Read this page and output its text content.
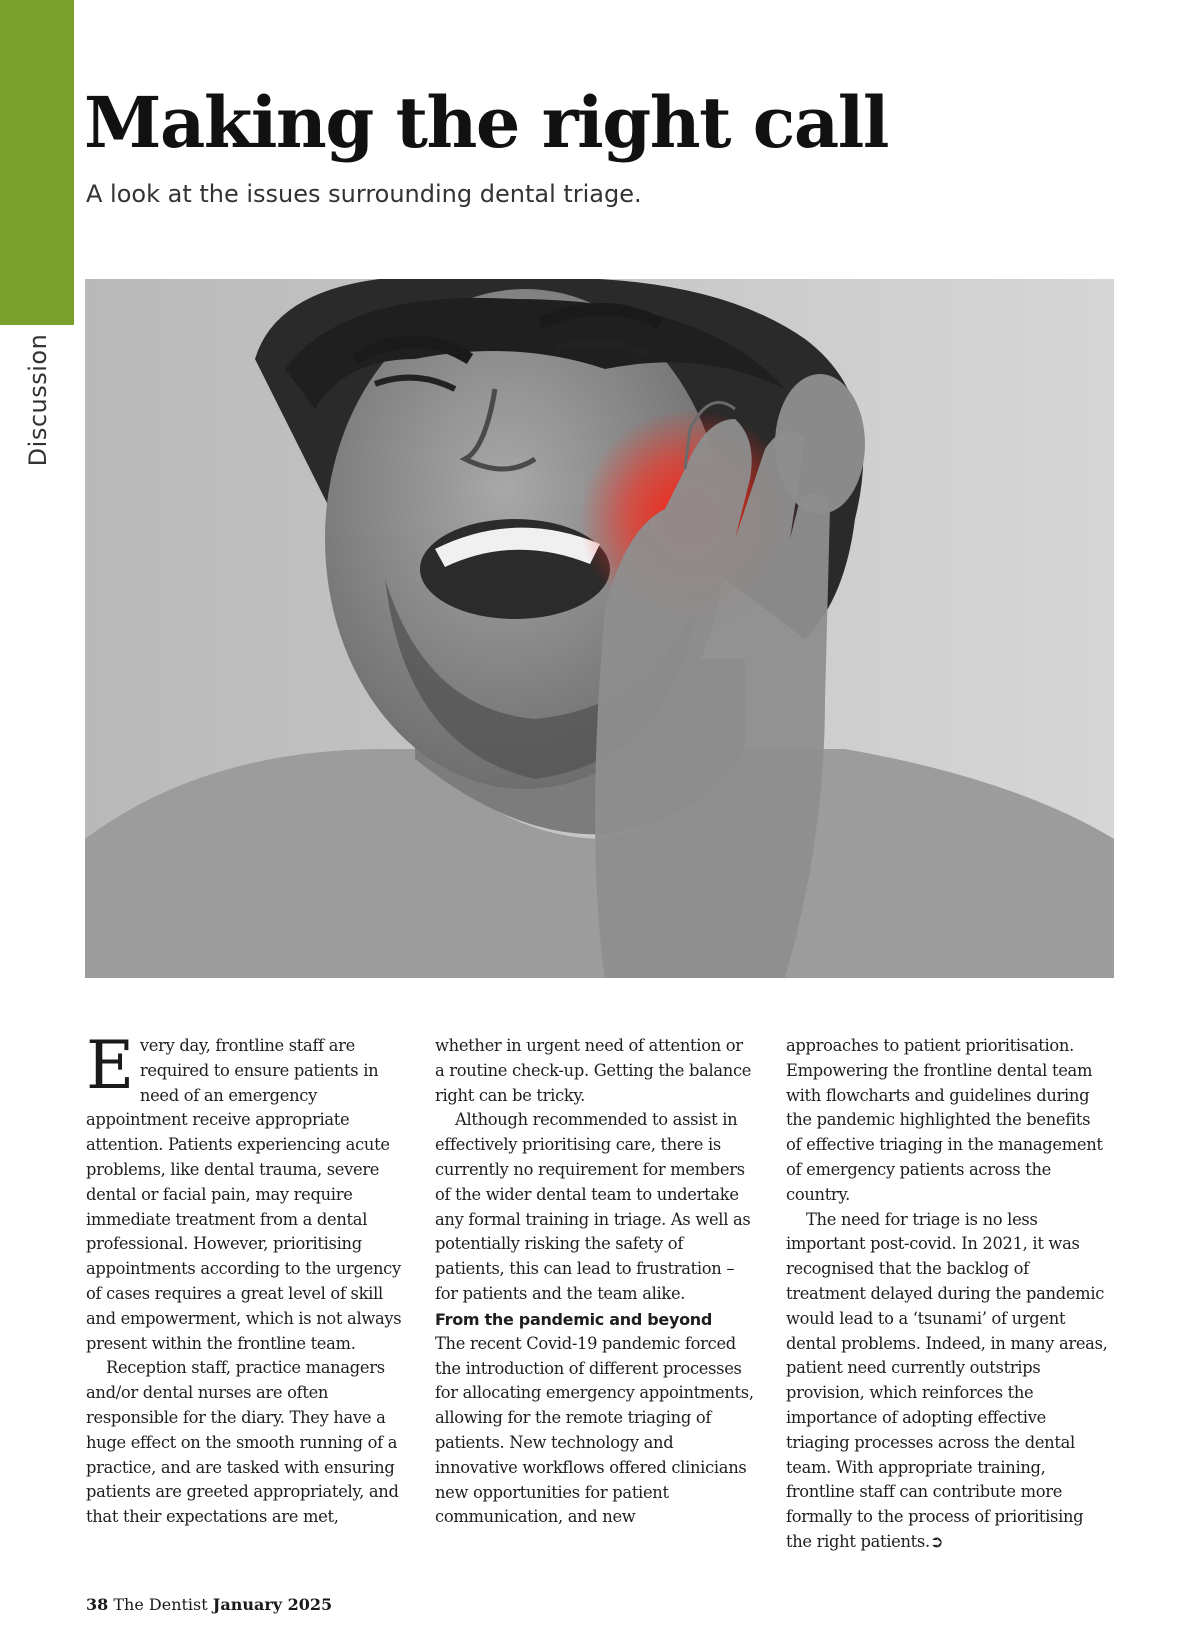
Discussion
Making the right call

A look at the issues surrounding dental triage.

Every day, frontline staff are required to ensure patients in need of an emergency appointment receive appropriate attention. Patients experiencing acute problems, like dental trauma, severe dental or facial pain, may require immediate treatment from a dental professional. However, prioritising appointments according to the urgency of cases requires a great level of skill and empowerment, which is not always present within the frontline team.

Reception staff, practice managers and/or dental nurses are often responsible for the diary. They have a huge effect on the smooth running of a practice, and are tasked with ensuring patients are greeted appropriately, and that their expectations are met,

whether in urgent need of attention or a routine check-up. Getting the balance right can be tricky.

Although recommended to assist in effectively prioritising care, there is currently no requirement for members of the wider dental team to undertake any formal training in triage. As well as potentially risking the safety of patients, this can lead to frustration – for patients and the team alike.

From the pandemic and beyond

The recent Covid-19 pandemic forced the introduction of different processes for allocating emergency appointments, allowing for the remote triaging of patients. New technology and innovative workflows offered clinicians new opportunities for patient communication, and new

approaches to patient prioritisation. Empowering the frontline dental team with flowcharts and guidelines during the pandemic highlighted the benefits of effective triaging in the management of emergency patients across the country.

The need for triage is no less important post-covid. In 2021, it was recognised that the backlog of treatment delayed during the pandemic would lead to a ‘tsunami’ of urgent dental problems. Indeed, in many areas, patient need currently outstrips provision, which reinforces the importance of adopting effective triaging processes across the dental team. With appropriate training, frontline staff can contribute more formally to the process of prioritising the right patients.➲

38 The Dentist January 2025
